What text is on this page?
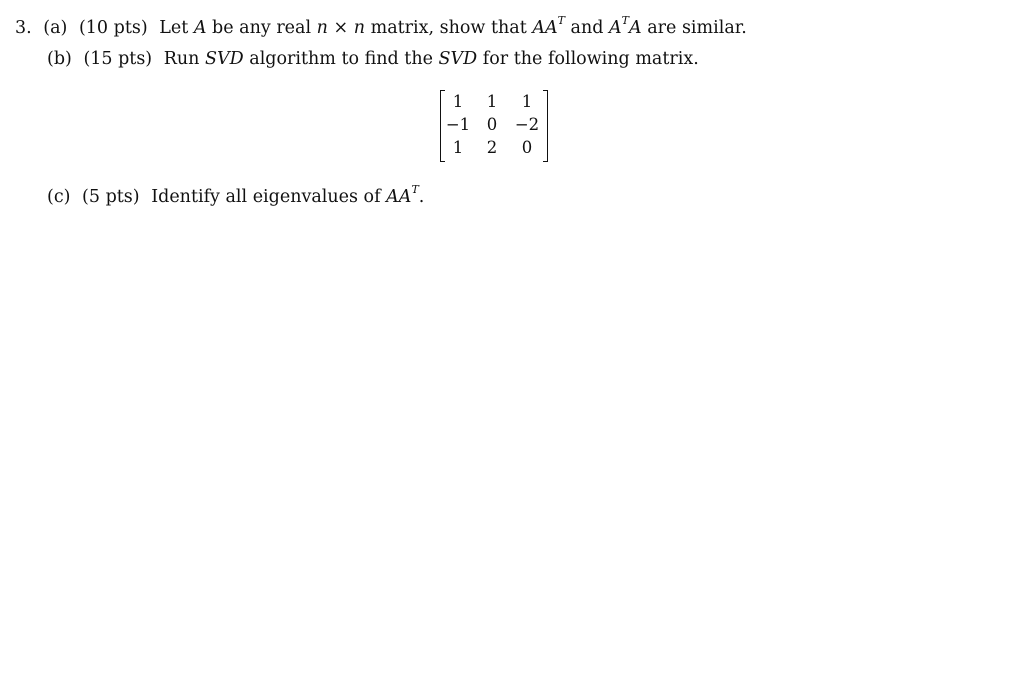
3. (a) (10 pts) Let A be any real n × n matrix, show that $AA^T$ and $A^TA$ are similar.
(b) (15 pts) Run SVD algorithm to find the SVD for the following matrix.
1	1	1
−1	0	−2
1	2	0
(c) (5 pts) Identify all eigenvalues of $AA^T$.
